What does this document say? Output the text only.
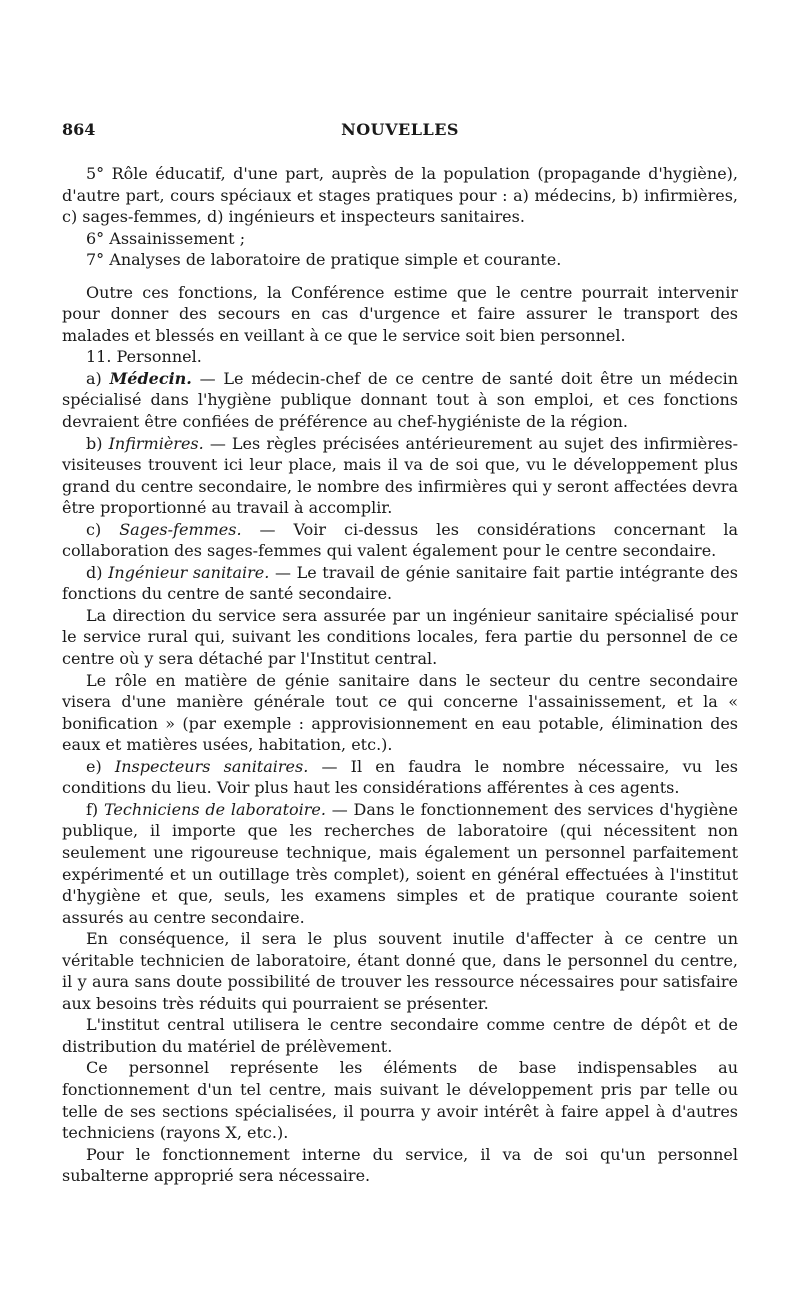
864	NOUVELLES

5° Rôle éducatif, d'une part, auprès de la population (propagande d'hygiène), d'autre part, cours spéciaux et stages pratiques pour : a) médecins, b) infirmières, c) sages-femmes, d) ingénieurs et inspecteurs sanitaires.

6° Assainissement ;

7° Analyses de laboratoire de pratique simple et courante.

Outre ces fonctions, la Conférence estime que le centre pourrait intervenir pour donner des secours en cas d'urgence et faire assurer le transport des malades et blessés en veillant à ce que le service soit bien personnel.

11. Personnel.

a) Médecin. — Le médecin-chef de ce centre de santé doit être un médecin spécialisé dans l'hygiène publique donnant tout à son emploi, et ces fonctions devraient être confiées de préférence au chef-hygiéniste de la région.

b) Infirmières. — Les règles précisées antérieurement au sujet des infirmières-visiteuses trouvent ici leur place, mais il va de soi que, vu le développement plus grand du centre secondaire, le nombre des infirmières qui y seront affectées devra être proportionné au travail à accomplir.

c) Sages-femmes. — Voir ci-dessus les considérations concernant la collaboration des sages-femmes qui valent également pour le centre secondaire.

d) Ingénieur sanitaire. — Le travail de génie sanitaire fait partie intégrante des fonctions du centre de santé secondaire.

La direction du service sera assurée par un ingénieur sanitaire spécialisé pour le service rural qui, suivant les conditions locales, fera partie du personnel de ce centre où y sera détaché par l'Institut central.

Le rôle en matière de génie sanitaire dans le secteur du centre secondaire visera d'une manière générale tout ce qui concerne l'assainissement, et la « bonification » (par exemple : approvisionnement en eau potable, élimination des eaux et matières usées, habitation, etc.).

e) Inspecteurs sanitaires. — Il en faudra le nombre nécessaire, vu les conditions du lieu. Voir plus haut les considérations afférentes à ces agents.

f) Techniciens de laboratoire. — Dans le fonctionnement des services d'hygiène publique, il importe que les recherches de laboratoire (qui nécessitent non seulement une rigoureuse technique, mais également un personnel parfaitement expérimenté et un outillage très complet), soient en général effectuées à l'institut d'hygiène et que, seuls, les examens simples et de pratique courante soient assurés au centre secondaire.

En conséquence, il sera le plus souvent inutile d'affecter à ce centre un véritable technicien de laboratoire, étant donné que, dans le personnel du centre, il y aura sans doute possibilité de trouver les ressource nécessaires pour satisfaire aux besoins très réduits qui pourraient se présenter.

L'institut central utilisera le centre secondaire comme centre de dépôt et de distribution du matériel de prélèvement.

Ce personnel représente les éléments de base indispensables au fonctionnement d'un tel centre, mais suivant le développement pris par telle ou telle de ses sections spécialisées, il pourra y avoir intérêt à faire appel à d'autres techniciens (rayons X, etc.).

Pour le fonctionnement interne du service, il va de soi qu'un personnel subalterne approprié sera nécessaire.
